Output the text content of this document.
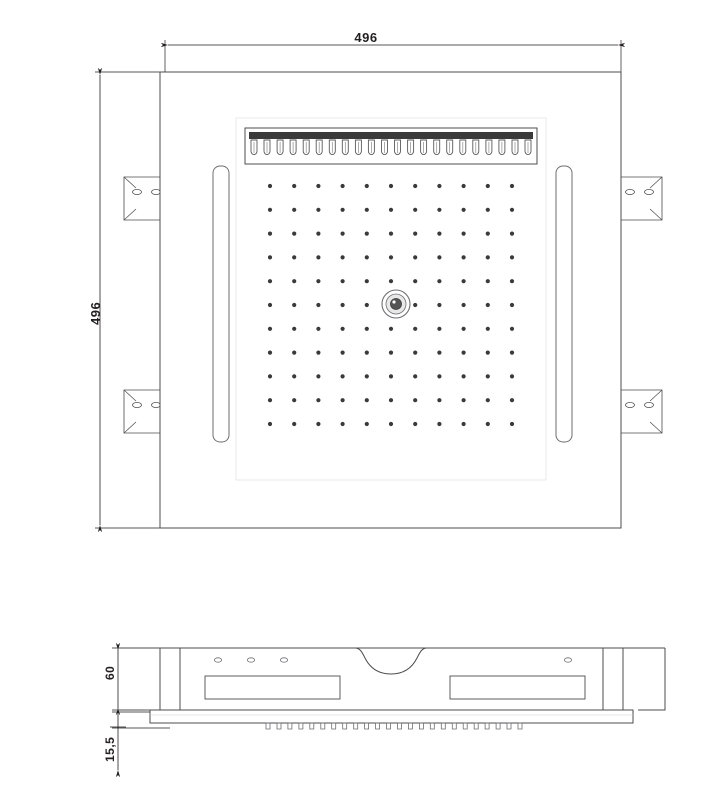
496
496
60
15,5
